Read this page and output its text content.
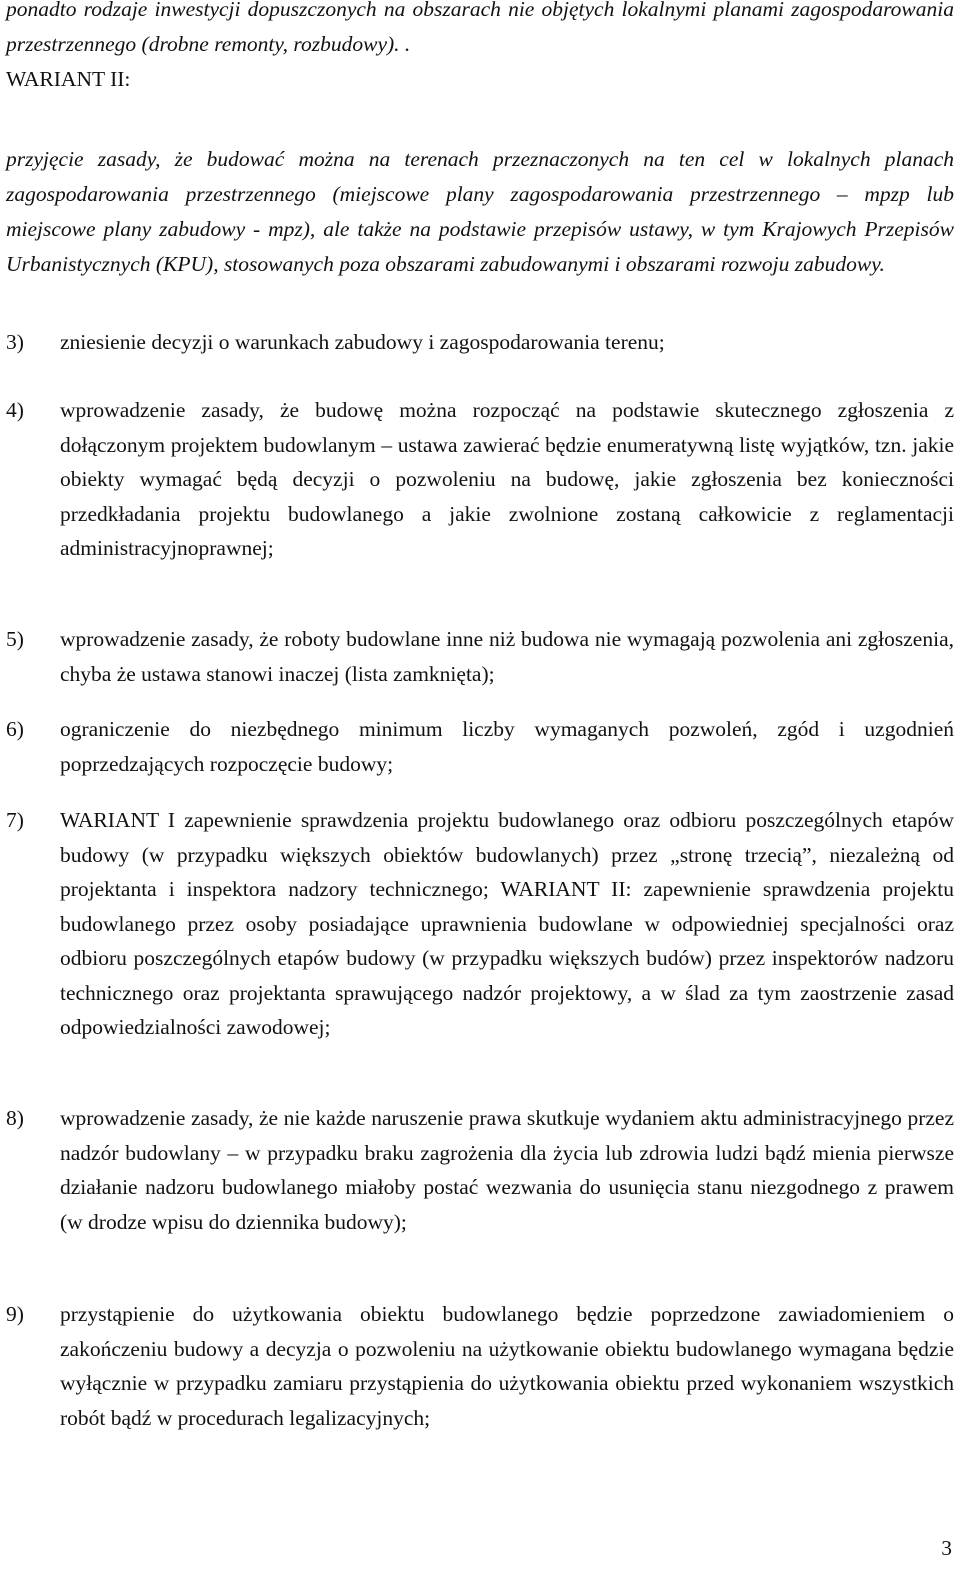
ponadto rodzaje inwestycji dopuszczonych na obszarach nie objętych lokalnymi planami zagospodarowania przestrzennego (drobne remonty, rozbudowy). .

WARIANT II:

przyjęcie zasady, że budować można na terenach przeznaczonych na ten cel w lokalnych planach zagospodarowania przestrzennego (miejscowe plany zagospodarowania przestrzennego – mpzp lub miejscowe plany zabudowy - mpz), ale także na podstawie przepisów ustawy, w tym Krajowych Przepisów Urbanistycznych (KPU), stosowanych poza obszarami zabudowanymi i obszarami rozwoju zabudowy.

3) zniesienie decyzji o warunkach zabudowy i zagospodarowania terenu;
4) wprowadzenie zasady, że budowę można rozpocząć na podstawie skutecznego zgłoszenia z dołączonym projektem budowlanym – ustawa zawierać będzie enumeratywną listę wyjątków, tzn. jakie obiekty wymagać będą decyzji o pozwoleniu na budowę, jakie zgłoszenia bez konieczności przedkładania projektu budowlanego a jakie zwolnione zostaną całkowicie z reglamentacji administracyjnoprawnej;
5) wprowadzenie zasady, że roboty budowlane inne niż budowa nie wymagają pozwolenia ani zgłoszenia, chyba że ustawa stanowi inaczej (lista zamknięta);
6) ograniczenie do niezbędnego minimum liczby wymaganych pozwoleń, zgód i uzgodnień poprzedzających rozpoczęcie budowy;
7) WARIANT I zapewnienie sprawdzenia projektu budowlanego oraz odbioru poszczególnych etapów budowy (w przypadku większych obiektów budowlanych) przez „stronę trzecią”, niezależną od projektanta i inspektora nadzory technicznego; WARIANT II: zapewnienie sprawdzenia projektu budowlanego przez osoby posiadające uprawnienia budowlane w odpowiedniej specjalności oraz odbioru poszczególnych etapów budowy (w przypadku większych budów) przez inspektorów nadzoru technicznego oraz projektanta sprawującego nadzór projektowy, a w ślad za tym zaostrzenie zasad odpowiedzialności zawodowej;
8) wprowadzenie zasady, że nie każde naruszenie prawa skutkuje wydaniem aktu administracyjnego przez nadzór budowlany – w przypadku braku zagrożenia dla życia lub zdrowia ludzi bądź mienia pierwsze działanie nadzoru budowlanego miałoby postać wezwania do usunięcia stanu niezgodnego z prawem (w drodze wpisu do dziennika budowy);
9) przystąpienie do użytkowania obiektu budowlanego będzie poprzedzone zawiadomieniem o zakończeniu budowy a decyzja o pozwoleniu na użytkowanie obiektu budowlanego wymagana będzie wyłącznie w przypadku zamiaru przystąpienia do użytkowania obiektu przed wykonaniem wszystkich robót bądź w procedurach legalizacyjnych;
3
